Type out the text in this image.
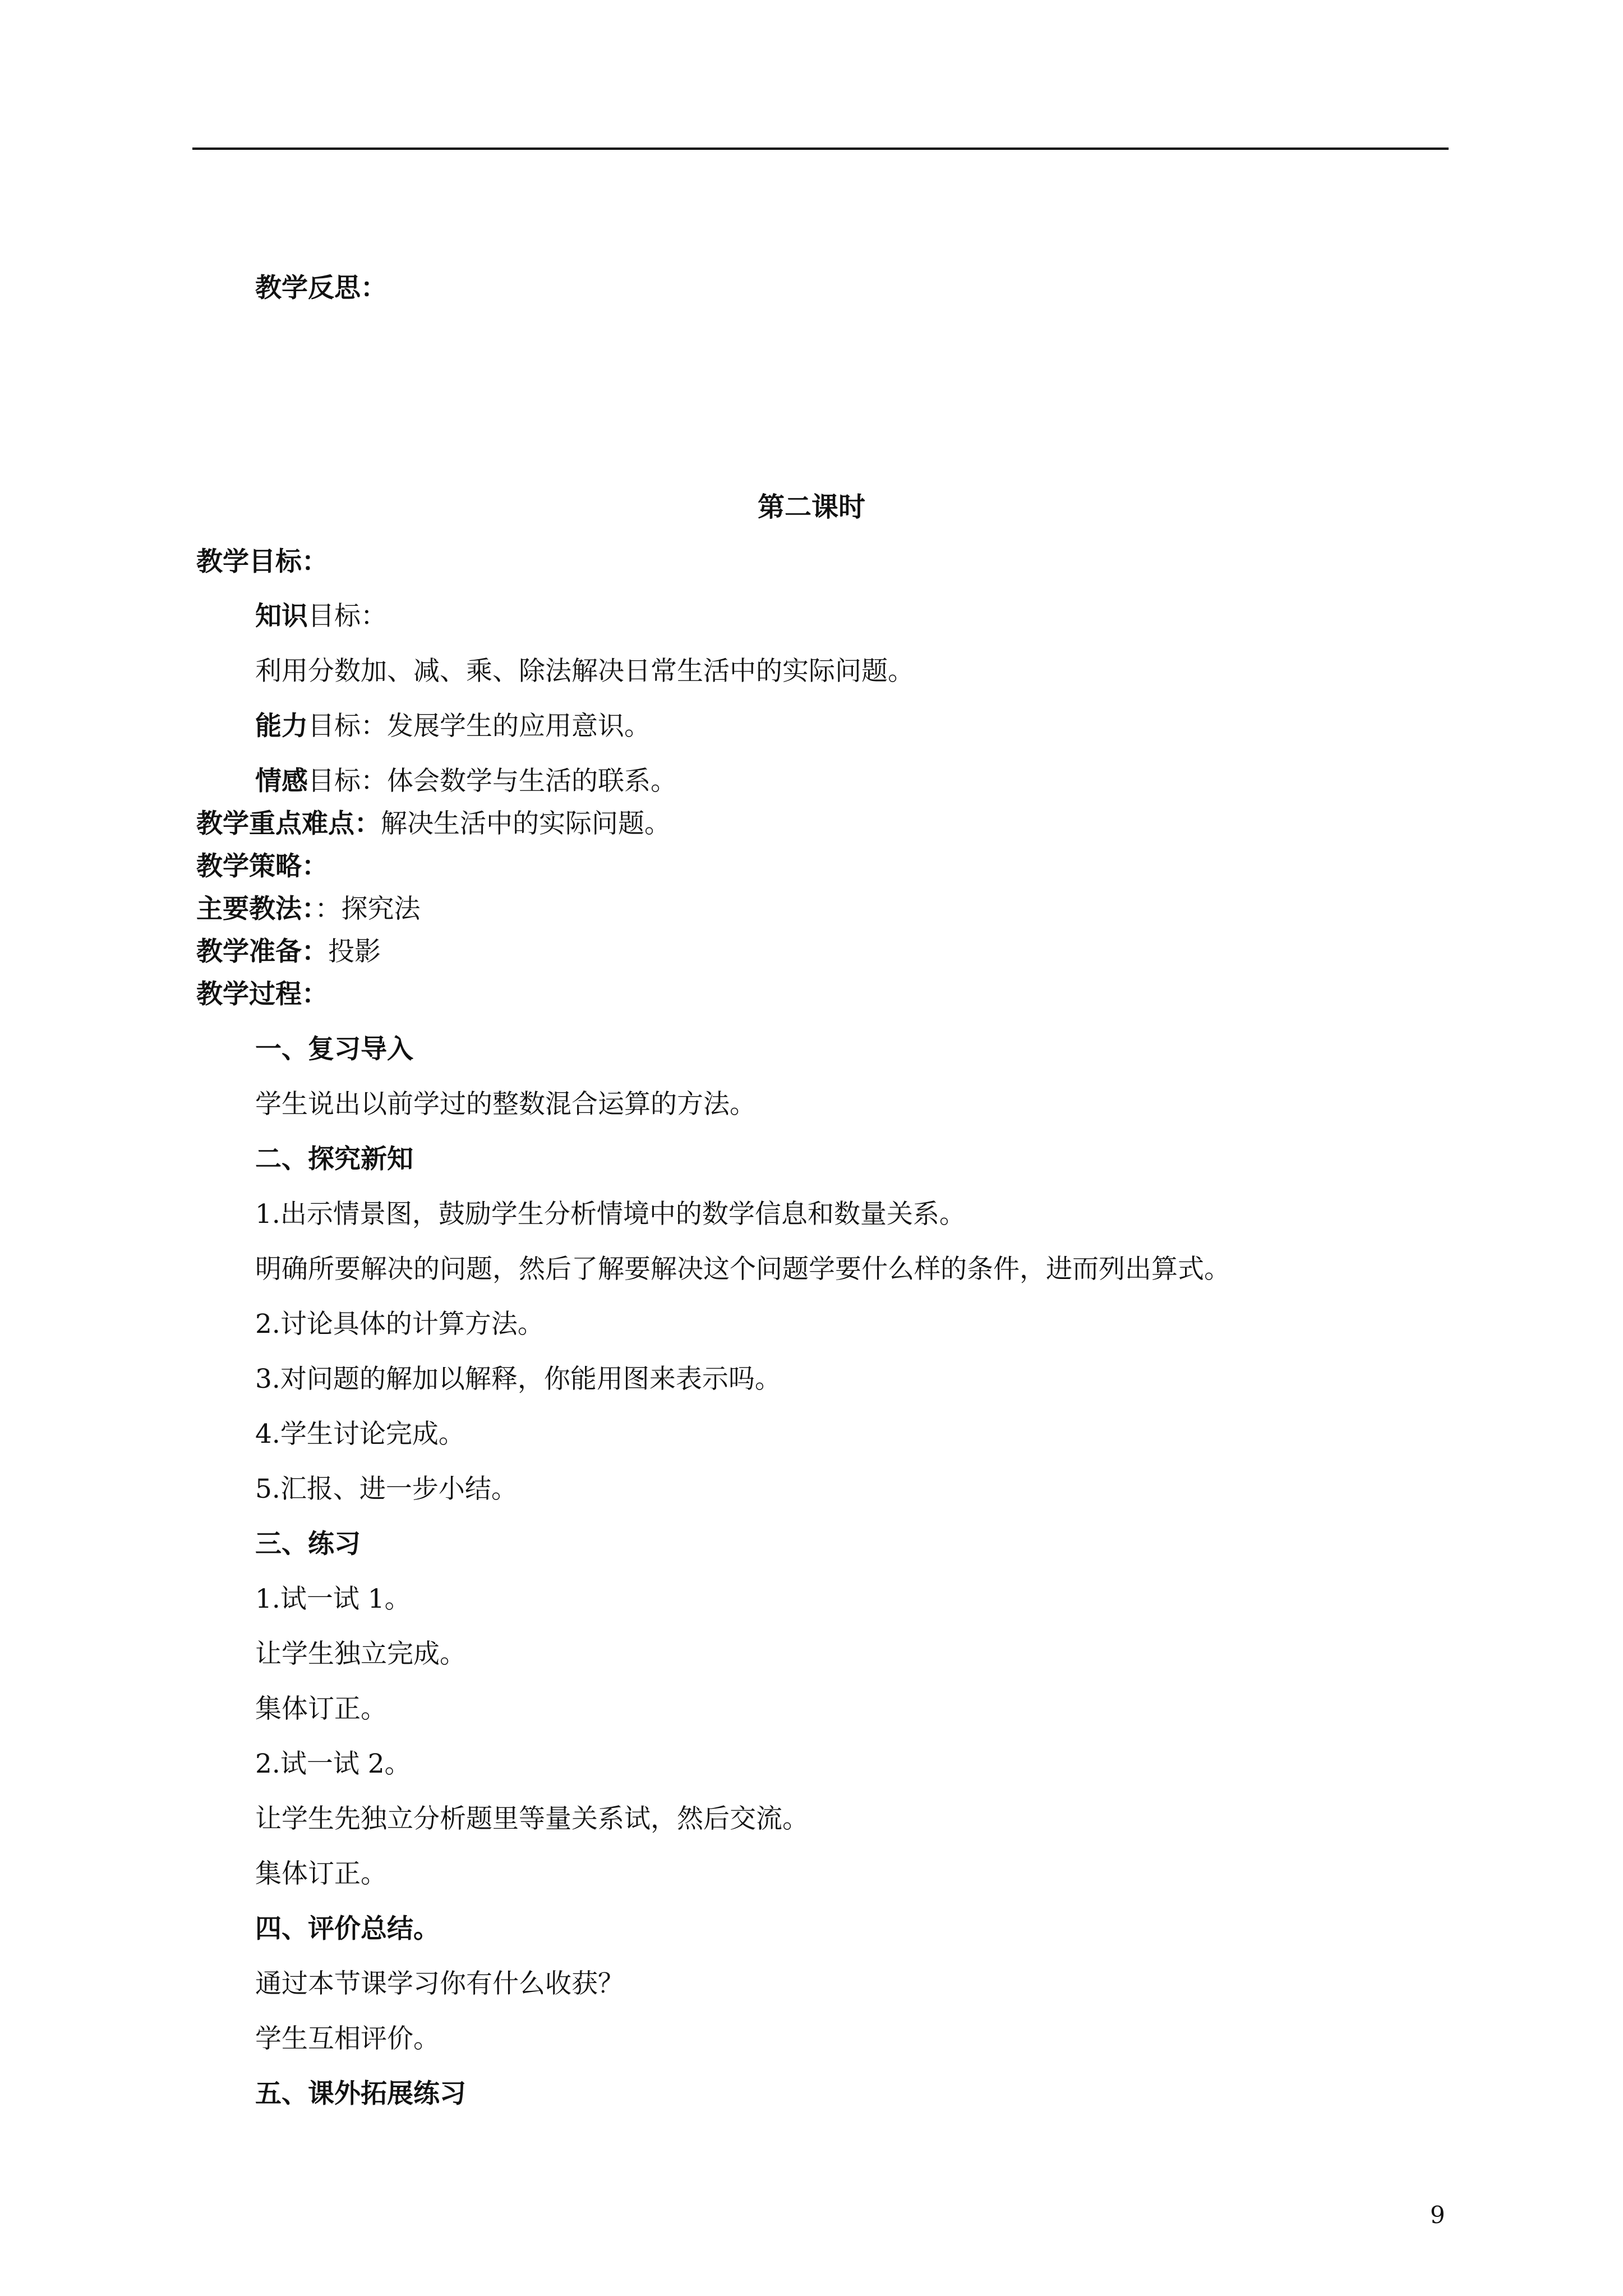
教学反思：
第二课时
教学目标：
知识目标：
利用分数加、减、乘、除法解决日常生活中的实际问题。
能力目标：发展学生的应用意识。
情感目标：体会数学与生活的联系。
教学重点难点：解决生活中的实际问题。
教学策略：
主要教法：：探究法
教学准备：投影
教学过程：
一、复习导入
学生说出以前学过的整数混合运算的方法。
二、探究新知
1.出示情景图，鼓励学生分析情境中的数学信息和数量关系。
明确所要解决的问题，然后了解要解决这个问题学要什么样的条件，进而列出算式。
2.讨论具体的计算方法。
3.对问题的解加以解释，你能用图来表示吗。
4.学生讨论完成。
5.汇报、进一步小结。
三、练习
1.试一试 1。
让学生独立完成。
集体订正。
2.试一试 2。
让学生先独立分析题里等量关系试，然后交流。
集体订正。
四、评价总结。
通过本节课学习你有什么收获？
学生互相评价。
五、课外拓展练习
9
